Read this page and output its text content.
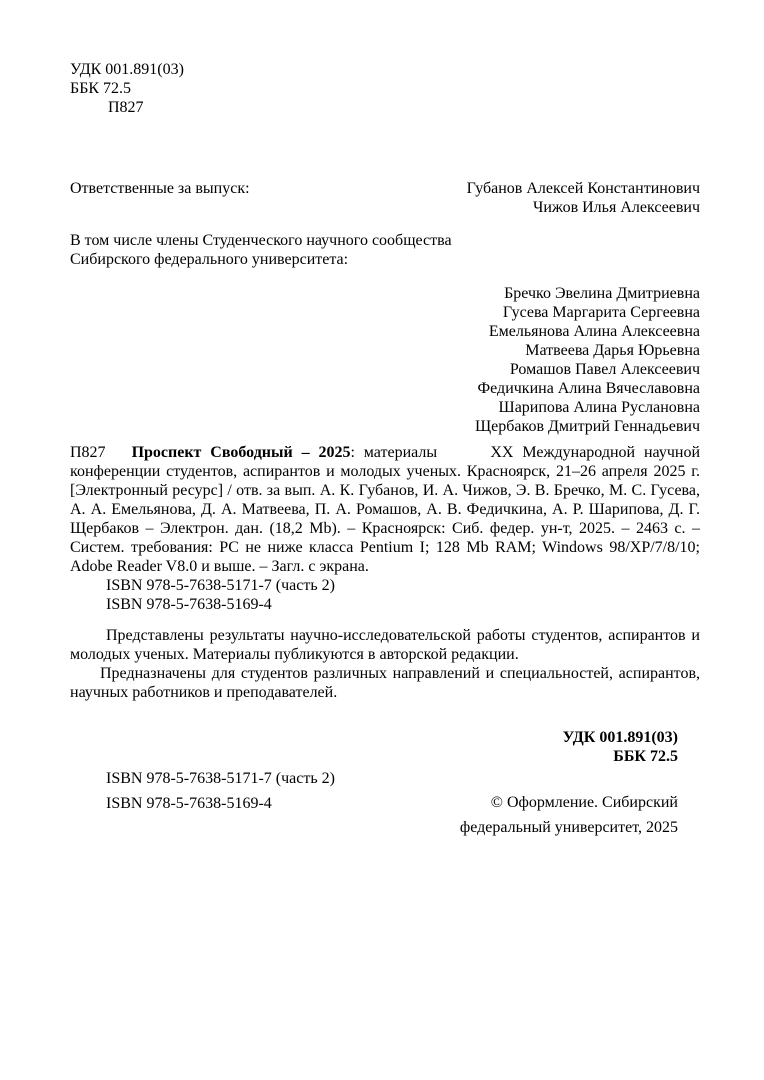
УДК 001.891(03)
ББК 72.5
П827
Ответственные за выпуск:	Губанов Алексей Константинович
Чижов Илья Алексеевич
В том числе члены Студенческого научного сообщества
Сибирского федерального университета:
Бречко Эвелина Дмитриевна
Гусева Маргарита Сергеевна
Емельянова Алина Алексеевна
Матвеева Дарья Юрьевна
Ромашов Павел Алексеевич
Федичкина Алина Вячеславовна
Шарипова Алина Руслановна
Щербаков Дмитрий Геннадьевич
П827 Проспект Свободный – 2025: материалы      XX Международной научной конференции студентов, аспирантов и молодых ученых. Красноярск, 21–26 апреля 2025 г. [Электронный ресурс] / отв. за вып. А. К. Губанов, И. А. Чижов, Э. В. Бречко, М. С. Гусева, А. А. Емельянова, Д. А. Матвеева, П. А. Ромашов, А. В. Федичкина, А. Р. Шарипова, Д. Г. Щербаков – Электрон. дан. (18,2 Mb). – Красноярск: Сиб. федер. ун-т, 2025. – 2463 с. – Систем. требования: PC не ниже класса Pentium I; 128 Mb RAM; Windows 98/XP/7/8/10; Adobe Reader V8.0 и выше. – Загл. с экрана.
ISBN 978-5-7638-5171-7 (часть 2)
ISBN 978-5-7638-5169-4

Представлены результаты научно-исследовательской работы студентов, аспирантов и молодых ученых. Материалы публикуются в авторской редакции.

Предназначены для студентов различных направлений и специальностей, аспирантов, научных работников и преподавателей.

УДК 001.891(03)
ББК 72.5
ISBN 978-5-7638-5171-7 (часть 2)
ISBN 978-5-7638-5169-4	© Оформление. Сибирский
федеральный университет, 2025
